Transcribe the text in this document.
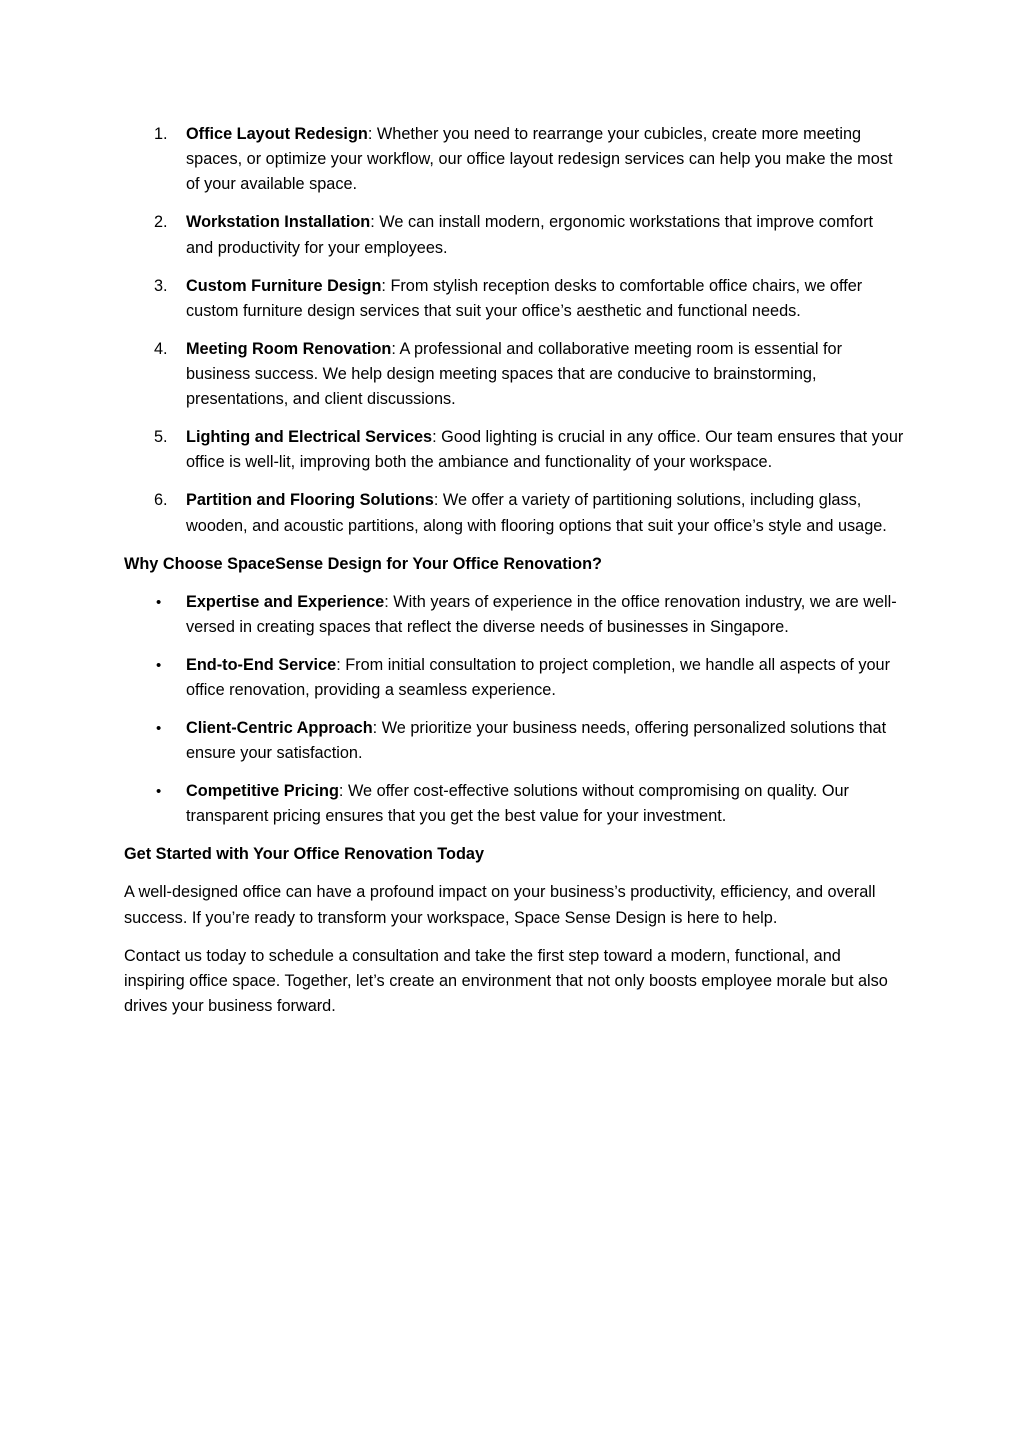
1. Office Layout Redesign: Whether you need to rearrange your cubicles, create more meeting spaces, or optimize your workflow, our office layout redesign services can help you make the most of your available space.
2. Workstation Installation: We can install modern, ergonomic workstations that improve comfort and productivity for your employees.
3. Custom Furniture Design: From stylish reception desks to comfortable office chairs, we offer custom furniture design services that suit your office’s aesthetic and functional needs.
4. Meeting Room Renovation: A professional and collaborative meeting room is essential for business success. We help design meeting spaces that are conducive to brainstorming, presentations, and client discussions.
5. Lighting and Electrical Services: Good lighting is crucial in any office. Our team ensures that your office is well-lit, improving both the ambiance and functionality of your workspace.
6. Partition and Flooring Solutions: We offer a variety of partitioning solutions, including glass, wooden, and acoustic partitions, along with flooring options that suit your office’s style and usage.

Why Choose SpaceSense Design for Your Office Renovation?

• Expertise and Experience: With years of experience in the office renovation industry, we are well-versed in creating spaces that reflect the diverse needs of businesses in Singapore.
• End-to-End Service: From initial consultation to project completion, we handle all aspects of your office renovation, providing a seamless experience.
• Client-Centric Approach: We prioritize your business needs, offering personalized solutions that ensure your satisfaction.
• Competitive Pricing: We offer cost-effective solutions without compromising on quality. Our transparent pricing ensures that you get the best value for your investment.

Get Started with Your Office Renovation Today

A well-designed office can have a profound impact on your business’s productivity, efficiency, and overall success. If you’re ready to transform your workspace, Space Sense Design is here to help.

Contact us today to schedule a consultation and take the first step toward a modern, functional, and inspiring office space. Together, let’s create an environment that not only boosts employee morale but also drives your business forward.
